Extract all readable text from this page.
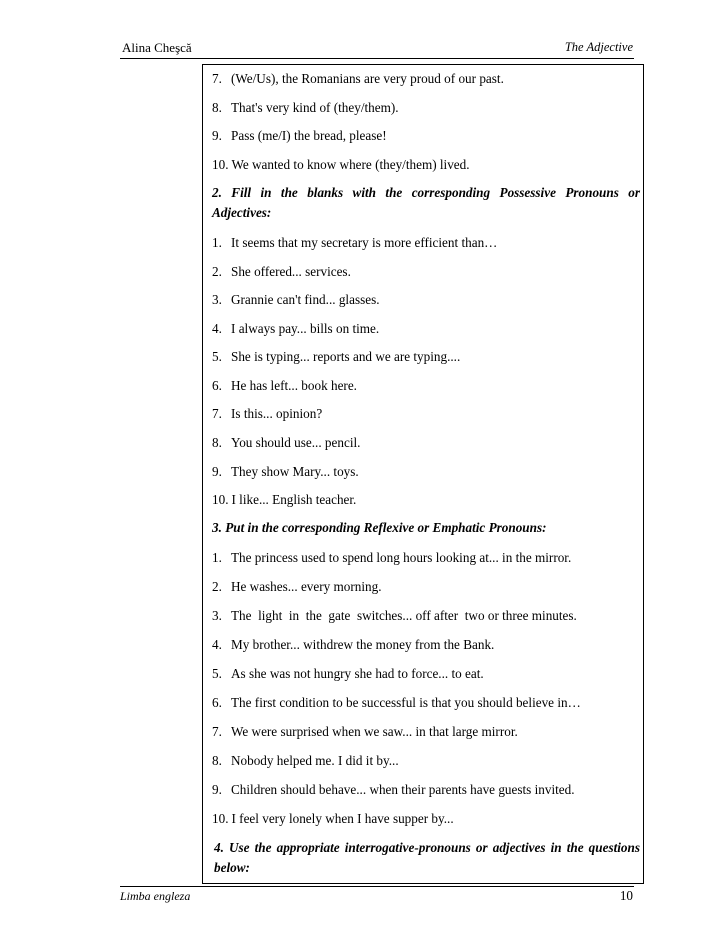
Alina Cheşcă	The Adjective
7. (We/Us), the Romanians are very proud of our past.
8. That's very kind of (they/them).
9. Pass (me/I) the bread, please!
10. We wanted to know where (they/them) lived.
2. Fill in the blanks with the corresponding Possessive Pronouns or Adjectives:
1. It seems that my secretary is more efficient than…
2. She offered... services.
3. Grannie can't find... glasses.
4. I always pay... bills on time.
5. She is typing... reports and we are typing....
6. He has left... book here.
7. Is this... opinion?
8. You should use... pencil.
9. They show Mary... toys.
10. I like... English teacher.
3. Put in the corresponding Reflexive or Emphatic Pronouns:
1. The princess used to spend long hours looking at... in the mirror.
2. He washes... every morning.
3. The  light  in  the  gate  switches... off after  two or three minutes.
4. My brother... withdrew the money from the Bank.
5. As she was not hungry she had to force... to eat.
6. The first condition to be successful is that you should believe in…
7. We were surprised when we saw... in that large mirror.
8. Nobody helped me. I did it by...
9. Children should behave... when their parents have guests invited.
10. I feel very lonely when I have supper by...
4. Use the appropriate interrogative-pronouns or adjectives in the questions below:
Limba engleza	10
